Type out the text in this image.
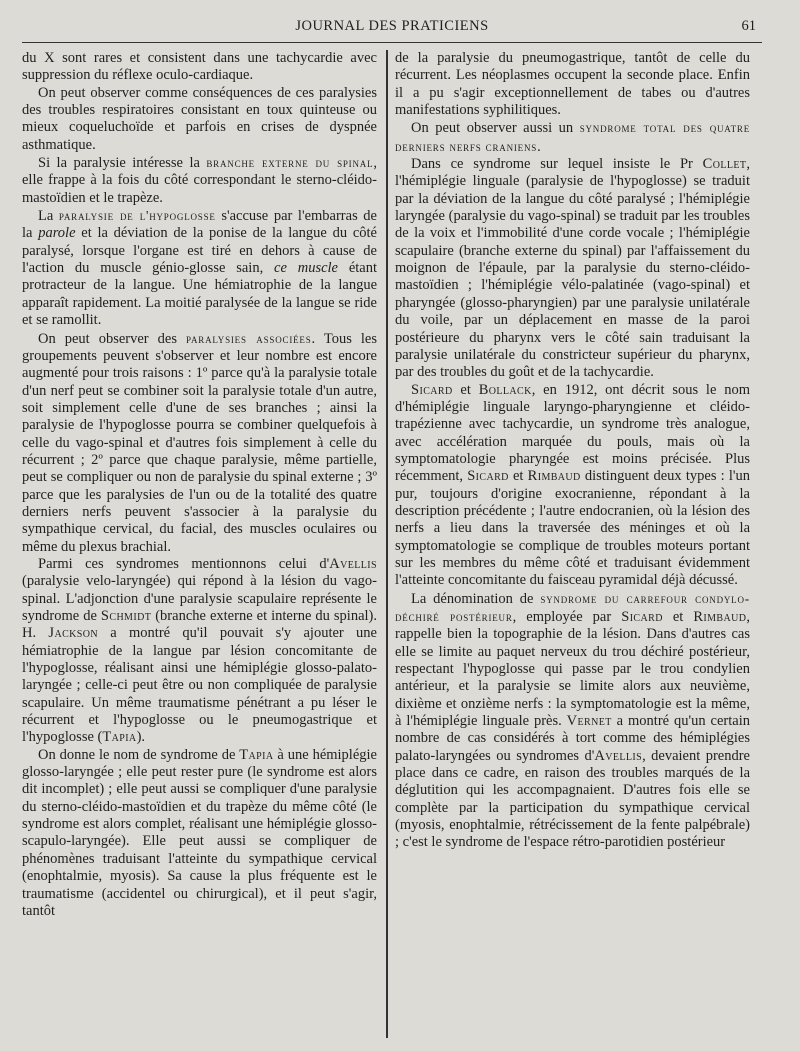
JOURNAL DES PRATICIENS	61

du X sont rares et consistent dans une tachycardie avec suppression du réflexe oculo-cardiaque.

On peut observer comme conséquences de ces paralysies des troubles respiratoires consistant en toux quinteuse ou mieux coqueluchoïde et parfois en crises de dyspnée asthmatique.

Si la paralysie intéresse la branche externe du spinal, elle frappe à la fois du côté correspondant le sterno-cléido-mastoïdien et le trapèze.

La paralysie de l'hypoglosse s'accuse par l'embarras de la parole et la déviation de la ponise de la langue du côté paralysé, lorsque l'organe est tiré en dehors à cause de l'action du muscle génio-glosse sain, ce muscle étant protracteur de la langue. Une hémiatrophie de la langue apparaît rapidement. La moitié paralysée de la langue se ride et se ramollit.

On peut observer des paralysies associées. Tous les groupements peuvent s'observer et leur nombre est encore augmenté pour trois raisons : 1º parce qu'à la paralysie totale d'un nerf peut se combiner soit la paralysie totale d'un autre, soit simplement celle d'une de ses branches ; ainsi la paralysie de l'hypoglosse pourra se combiner quelquefois à celle du vago-spinal et d'autres fois simplement à celle du récurrent ; 2º parce que chaque paralysie, même partielle, peut se compliquer ou non de paralysie du spinal externe ; 3º parce que les paralysies de l'un ou de la totalité des quatre derniers nerfs peuvent s'associer à la paralysie du sympathique cervical, du facial, des muscles oculaires ou même du plexus brachial.

Parmi ces syndromes mentionnons celui d'Avellis (paralysie velo-laryngée) qui répond à la lésion du vago-spinal. L'adjonction d'une paralysie scapulaire représente le syndrome de Schmidt (branche externe et interne du spinal). H. Jackson a montré qu'il pouvait s'y ajouter une hémiatrophie de la langue par lésion concomitante de l'hypoglosse, réalisant ainsi une hémiplégie glosso-palato-laryngée ; celle-ci peut être ou non compliquée de paralysie scapulaire. Un même traumatisme pénétrant a pu léser le récurrent et l'hypoglosse ou le pneumogastrique et l'hypoglosse (Tapia).

On donne le nom de syndrome de Tapia à une hémiplégie glosso-laryngée ; elle peut rester pure (le syndrome est alors dit incomplet) ; elle peut aussi se compliquer d'une paralysie du sterno-cléido-mastoïdien et du trapèze du même côté (le syndrome est alors complet, réalisant une hémiplégie glosso-scapulo-laryngée). Elle peut aussi se compliquer de phénomènes traduisant l'atteinte du sympathique cervical (enophtalmie, myosis). Sa cause la plus fréquente est le traumatisme (accidentel ou chirurgical), et il peut s'agir, tantôt

de la paralysie du pneumogastrique, tantôt de celle du récurrent. Les néoplasmes occupent la seconde place. Enfin il a pu s'agir exceptionnellement de tabes ou d'autres manifestations syphilitiques.

On peut observer aussi un syndrome total des quatre derniers nerfs craniens.

Dans ce syndrome sur lequel insiste le Pr Collet, l'hémiplégie linguale (paralysie de l'hypoglosse) se traduit par la déviation de la langue du côté paralysé ; l'hémiplégie laryngée (paralysie du vago-spinal) se traduit par les troubles de la voix et l'immobilité d'une corde vocale ; l'hémiplégie scapulaire (branche externe du spinal) par l'affaissement du moignon de l'épaule, par la paralysie du sterno-cléido-mastoïdien ; l'hémiplégie vélo-palatinée (vago-spinal) et pharyngée (glosso-pharyngien) par une paralysie unilatérale du voile, par un déplacement en masse de la paroi postérieure du pharynx vers le côté sain traduisant la paralysie unilatérale du constricteur supérieur du pharynx, par des troubles du goût et de la tachycardie.

Sicard et Bollack, en 1912, ont décrit sous le nom d'hémiplégie linguale laryngo-pharyngienne et cléido-trapézienne avec tachycardie, un syndrome très analogue, avec accélération marquée du pouls, mais où la symptomatologie pharyngée est moins précisée. Plus récemment, Sicard et Rimbaud distinguent deux types : l'un pur, toujours d'origine exocranienne, répondant à la description précédente ; l'autre endocranien, où la lésion des nerfs a lieu dans la traversée des méninges et où la symptomatologie se complique de troubles moteurs portant sur les membres du même côté et traduisant évidemment l'atteinte concomitante du faisceau pyramidal déjà décussé.

La dénomination de syndrome du carrefour condylo-déchiré postérieur, employée par Sicard et Rimbaud, rappelle bien la topographie de la lésion. Dans d'autres cas elle se limite au paquet nerveux du trou déchiré postérieur, respectant l'hypoglosse qui passe par le trou condylien antérieur, et la paralysie se limite alors aux neuvième, dixième et onzième nerfs : la symptomatologie est la même, à l'hémiplégie linguale près. Vernet a montré qu'un certain nombre de cas considérés à tort comme des hémiplégies palato-laryngées ou syndromes d'Avellis, devaient prendre place dans ce cadre, en raison des troubles marqués de la déglutition qui les accompagnaient. D'autres fois elle se complète par la participation du sympathique cervical (myosis, enophtalmie, rétrécissement de la fente palpébrale) ; c'est le syndrome de l'espace rétro-parotidien postérieur
